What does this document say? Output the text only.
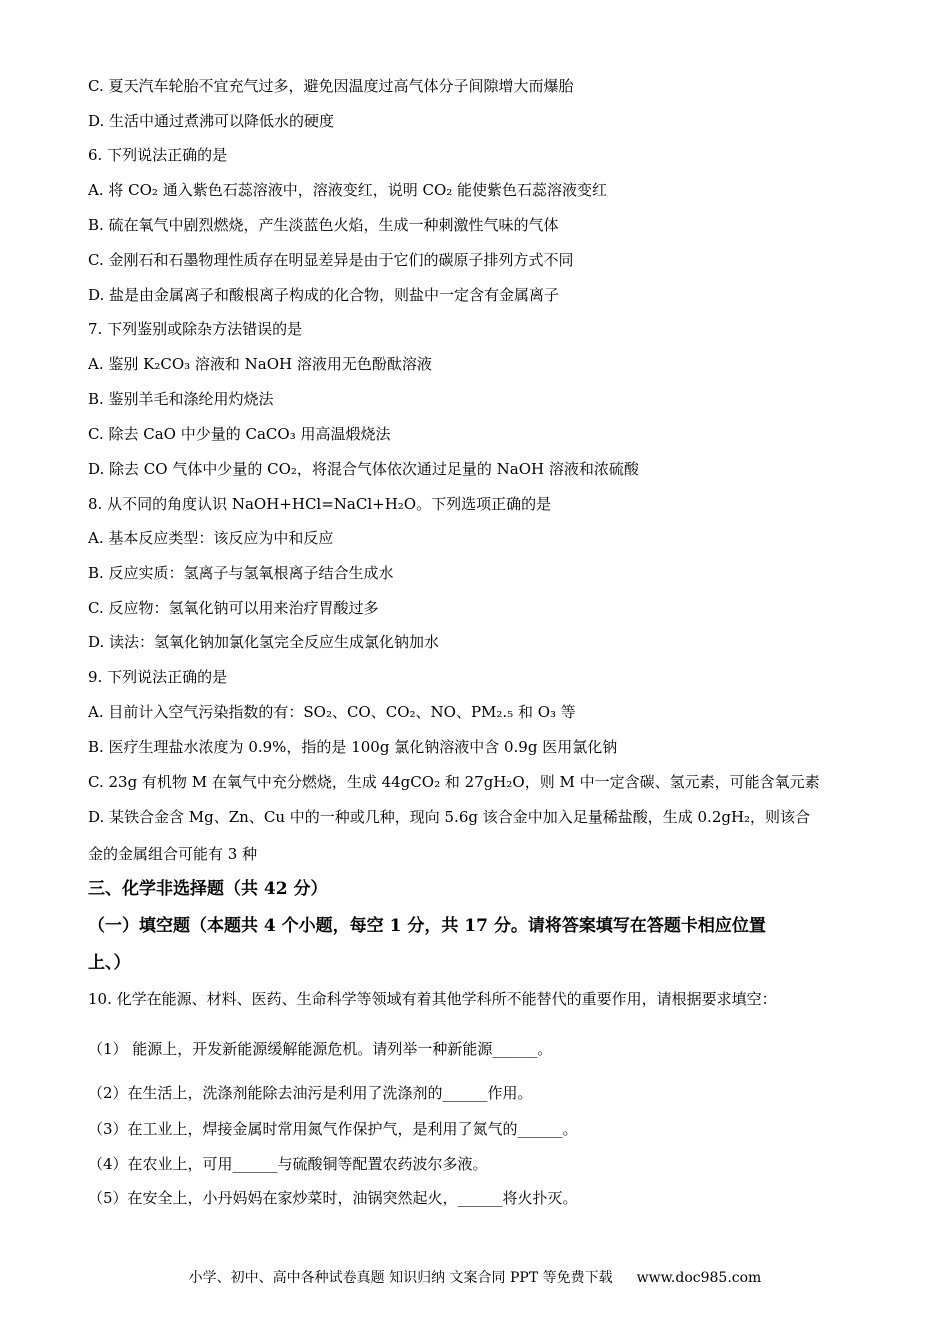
C. 夏天汽车轮胎不宜充气过多，避免因温度过高气体分子间隙增大而爆胎
D. 生活中通过煮沸可以降低水的硬度
6. 下列说法正确的是
A. 将 CO₂ 通入紫色石蕊溶液中，溶液变红，说明 CO₂ 能使紫色石蕊溶液变红
B. 硫在氧气中剧烈燃烧，产生淡蓝色火焰，生成一种刺激性气味的气体
C. 金刚石和石墨物理性质存在明显差异是由于它们的碳原子排列方式不同
D. 盐是由金属离子和酸根离子构成的化合物，则盐中一定含有金属离子
7. 下列鉴别或除杂方法错误的是
A. 鉴别 K₂CO₃ 溶液和 NaOH 溶液用无色酚酞溶液
B. 鉴别羊毛和涤纶用灼烧法
C. 除去 CaO 中少量的 CaCO₃ 用高温煅烧法
D. 除去 CO 气体中少量的 CO₂，将混合气体依次通过足量的 NaOH 溶液和浓硫酸
8. 从不同的角度认识 NaOH+HCl=NaCl+H₂O。下列选项正确的是
A. 基本反应类型：该反应为中和反应
B. 反应实质：氢离子与氢氧根离子结合生成水
C. 反应物：氢氧化钠可以用来治疗胃酸过多
D. 读法：氢氧化钠加氯化氢完全反应生成氯化钠加水
9. 下列说法正确的是
A. 目前计入空气污染指数的有：SO₂、CO、CO₂、NO、PM₂.₅ 和 O₃ 等
B. 医疗生理盐水浓度为 0.9%，指的是 100g 氯化钠溶液中含 0.9g 医用氯化钠
C. 23g 有机物 M 在氧气中充分燃烧，生成 44gCO₂ 和 27gH₂O，则 M 中一定含碳、氢元素，可能含氧元素
D. 某铁合金含 Mg、Zn、Cu 中的一种或几种，现向 5.6g 该合金中加入足量稀盐酸，生成 0.2gH₂，则该合
金的金属组合可能有 3 种
三、化学非选择题（共 42 分）
（一）填空题（本题共 4 个小题，每空 1 分，共 17 分。请将答案填写在答题卡相应位置
上、）
10. 化学在能源、材料、医药、生命科学等领域有着其他学科所不能替代的重要作用，请根据要求填空：
（1） 能源上，开发新能源缓解能源危机。请列举一种新能源______。
（2）在生活上，洗涤剂能除去油污是利用了洗涤剂的______作用。
（3）在工业上，焊接金属时常用氮气作保护气，是利用了氮气的______。
（4）在农业上，可用______与硫酸铜等配置农药波尔多液。
（5）在安全上，小丹妈妈在家炒菜时，油锅突然起火，______将火扑灭。
小学、初中、高中各种试卷真题 知识归纳 文案合同 PPT 等免费下载 www.doc985.com
